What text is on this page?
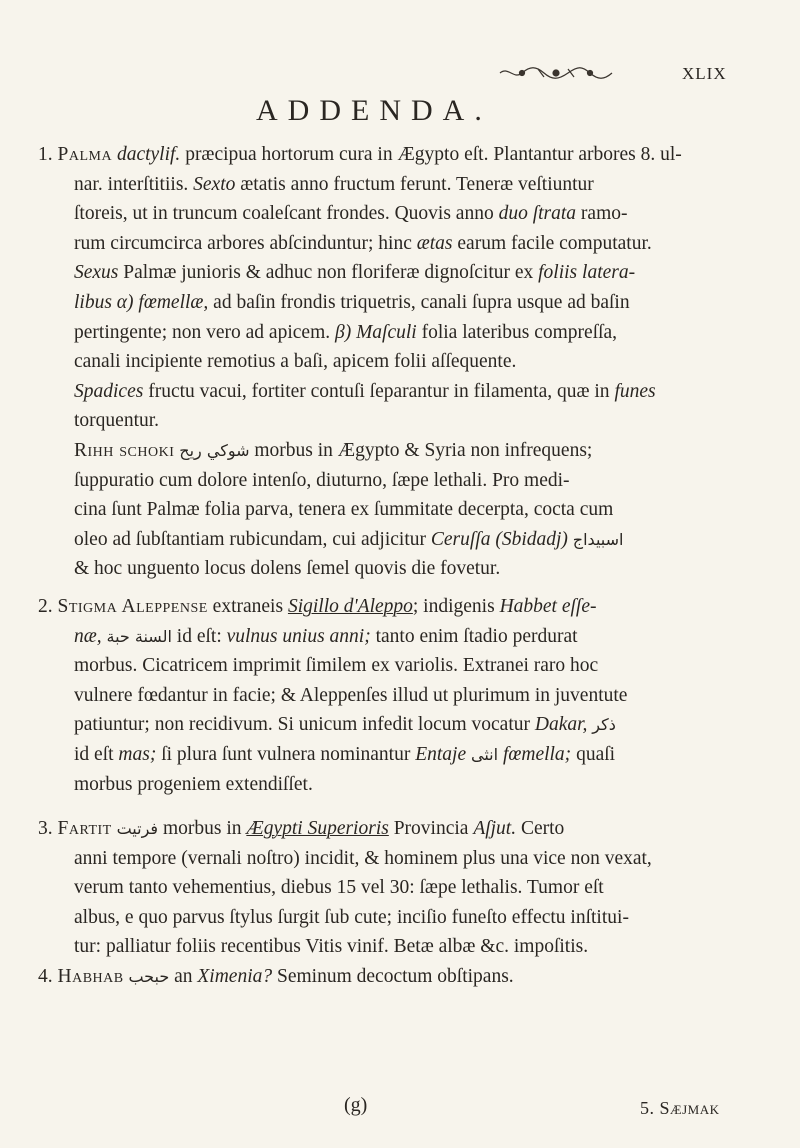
XLIX
ADDENDA.
1. Palma dactylif. præcipua hortorum cura in Ægypto eſt. Plantantur arbores 8. ul-
nar. interſtitiis. Sexto ætatis anno fructum ferunt. Teneræ veſtiuntur
ſtoreis, ut in truncum coaleſcant frondes. Quovis anno duo ſtrata ramo-
rum circumcirca arbores abſcinduntur; hinc ætas earum facile computatur.
Sexus Palmæ junioris & adhuc non floriferæ dignoſcitur ex foliis latera-
libus α) fœmellæ, ad baſin frondis triquetris, canali ſupra usque ad baſin
pertingente; non vero ad apicem. β) Maſculi folia lateribus compreſſa,
canali incipiente remotius a baſi, apicem folii aſſequente.
Spadices fructu vacui, fortiter contuſi ſeparantur in filamenta, quæ in funes
torquentur.
Rihh schoki شوكي ريح morbus in Ægypto & Syria non infrequens;
ſuppuratio cum dolore intenſo, diuturno, ſæpe lethali. Pro medi-
cina ſunt Palmæ folia parva, tenera ex ſummitate decerpta, cocta cum
oleo ad ſubſtantiam rubicundam, cui adjicitur Ceruſſa (Sbidadj) اسبيداج
& hoc unguento locus dolens ſemel quovis die fovetur.
2. Stigma Aleppense extraneis Sigillo d'Aleppo; indigenis Habbet eſſe-
næ, السنة حبة id eſt: vulnus unius anni; tanto enim ſtadio perdurat
morbus. Cicatricem imprimit ſimilem ex variolis. Extranei raro hoc
vulnere fœdantur in facie; & Aleppenſes illud ut plurimum in juventute
patiuntur; non recidivum. Si unicum infedit locum vocatur Dakar, ذكر
id eſt mas; ſi plura ſunt vulnera nominantur Entaje انثى fœmella; quaſi
morbus progeniem extendiſſet.
3. Fartit فرتيت morbus in Ægypti Superioris Provincia Aſjut. Certo
anni tempore (vernali noſtro) incidit, & hominem plus una vice non vexat,
verum tanto vehementius, diebus 15 vel 30: ſæpe lethalis. Tumor eſt
albus, e quo parvus ſtylus ſurgit ſub cute; inciſio funeſto effectu inſtitui-
tur: palliatur foliis recentibus Vitis vinif. Betæ albæ &c. impoſitis.
4. Habhab حبحب an Ximenia? Seminum decoctum obſtipans.
(g)	5. Sæjmak
